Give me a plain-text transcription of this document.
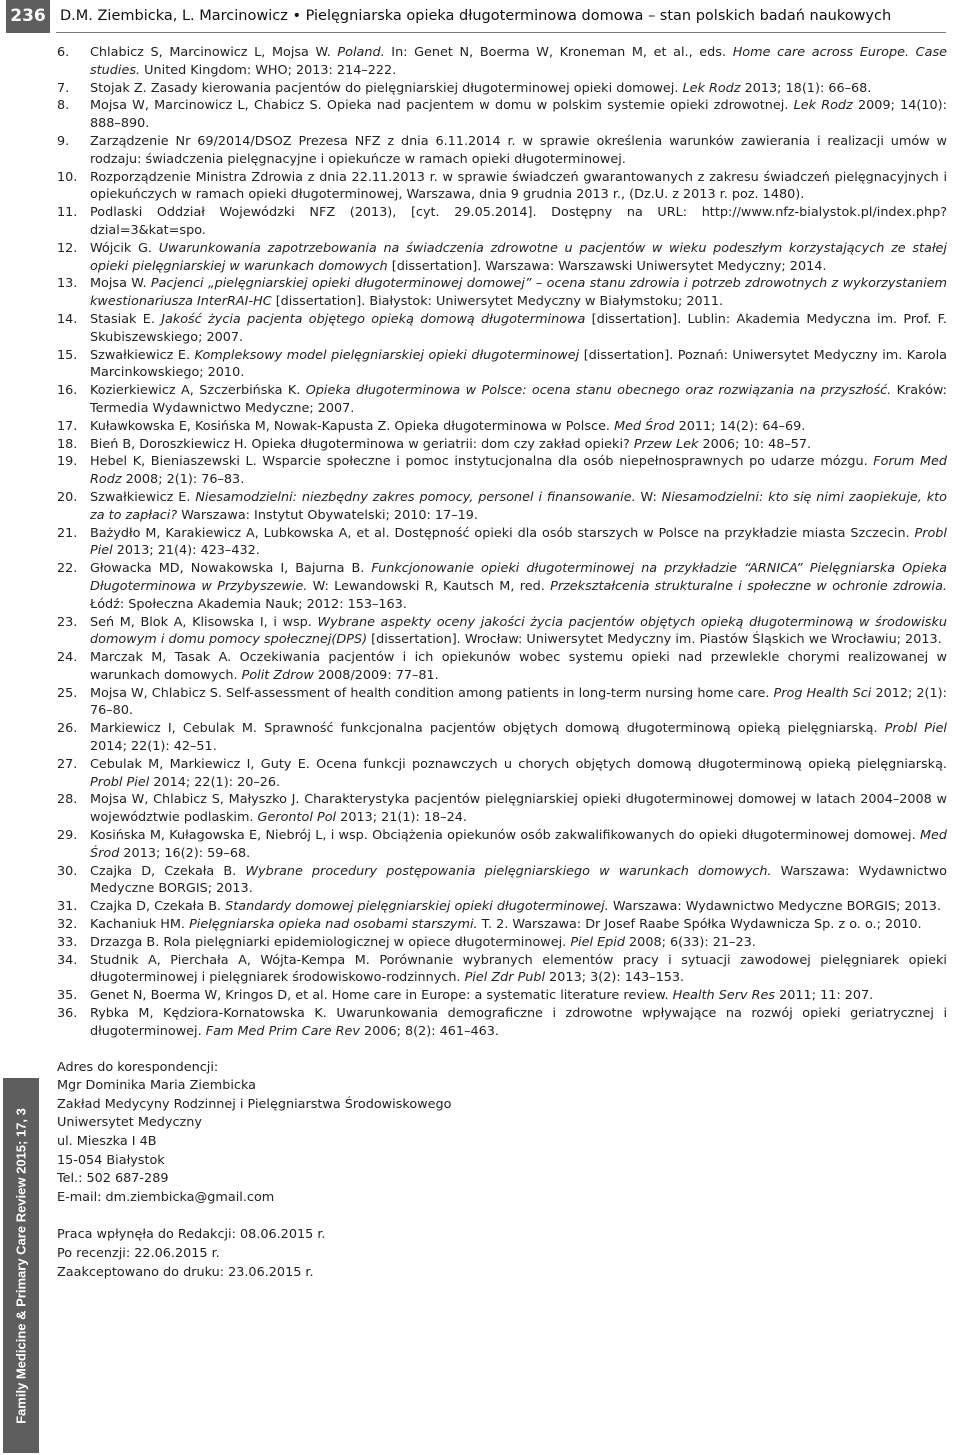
236 D.M. Ziembicka, L. Marcinowicz • Pielęgniarska opieka długoterminowa domowa – stan polskich badań naukowych
Family Medicine & Primary Care Review 2015; 17, 3
6.	Chlabicz S, Marcinowicz L, Mojsa W. Poland. In: Genet N, Boerma W, Kroneman M, et al., eds. Home care across Europe. Case studies. United Kingdom: WHO; 2013: 214–222.
7.	Stojak Z. Zasady kierowania pacjentów do pielęgniarskiej długoterminowej opieki domowej. Lek Rodz 2013; 18(1): 66–68.
8.	Mojsa W, Marcinowicz L, Chabicz S. Opieka nad pacjentem w domu w polskim systemie opieki zdrowotnej. Lek Rodz 2009; 14(10): 888–890.
9.	Zarządzenie Nr 69/2014/DSOZ Prezesa NFZ z dnia 6.11.2014 r. w sprawie określenia warunków zawierania i realizacji umów w rodzaju: świadczenia pielęgnacyjne i opiekuńcze w ramach opieki długoterminowej.
10. Rozporządzenie Ministra Zdrowia z dnia 22.11.2013 r. w sprawie świadczeń gwarantowanych z zakresu świadczeń pielęgnacyjnych i opiekuńczych w ramach opieki długoterminowej, Warszawa, dnia 9 grudnia 2013 r., (Dz.U. z 2013 r. poz. 1480).
11. Podlaski Oddział Wojewódzki NFZ (2013), [cyt. 29.05.2014]. Dostępny na URL: http://www.nfz-bialystok.pl/index.php?dzial=3&kat=spo.
12. Wójcik G. Uwarunkowania zapotrzebowania na świadczenia zdrowotne u pacjentów w wieku podeszłym korzystających ze stałej opieki pielęgniarskiej w warunkach domowych [dissertation]. Warszawa: Warszawski Uniwersytet Medyczny; 2014.
13. Mojsa W. Pacjenci „pielęgniarskiej opieki długoterminowej domowej” – ocena stanu zdrowia i potrzeb zdrowotnych z wykorzystaniem kwestionariusza InterRAI-HC [dissertation]. Białystok: Uniwersytet Medyczny w Białymstoku; 2011.
14. Stasiak E. Jakość życia pacjenta objętego opieką domową długoterminowa [dissertation]. Lublin: Akademia Medyczna im. Prof. F. Skubiszewskiego; 2007.
15. Szwałkiewicz E. Kompleksowy model pielęgniarskiej opieki długoterminowej [dissertation]. Poznań: Uniwersytet Medyczny im. Karola Marcinkowskiego; 2010.
16. Kozierkiewicz A, Szczerbińska K. Opieka długoterminowa w Polsce: ocena stanu obecnego oraz rozwiązania na przyszłość. Kraków: Termedia Wydawnictwo Medyczne; 2007.
17. Kuławkowska E, Kosińska M, Nowak-Kapusta Z. Opieka długoterminowa w Polsce. Med Środ 2011; 14(2): 64–69.
18. Bień B, Doroszkiewicz H. Opieka długoterminowa w geriatrii: dom czy zakład opieki? Przew Lek 2006; 10: 48–57.
19. Hebel K, Bieniaszewski L. Wsparcie społeczne i pomoc instytucjonalna dla osób niepełnosprawnych po udarze mózgu. Forum Med Rodz 2008; 2(1): 76–83.
20. Szwałkiewicz E. Niesamodzielni: niezbędny zakres pomocy, personel i finansowanie. W: Niesamodzielni: kto się nimi zaopiekuje, kto za to zapłaci? Warszawa: Instytut Obywatelski; 2010: 17–19.
21. Bażydło M, Karakiewicz A, Lubkowska A, et al. Dostępność opieki dla osób starszych w Polsce na przykładzie miasta Szczecin. Probl Piel 2013; 21(4): 423–432.
22. Głowacka MD, Nowakowska I, Bajurna B. Funkcjonowanie opieki długoterminowej na przykładzie “ARNICA” Pielęgniarska Opieka Długoterminowa w Przybyszewie. W: Lewandowski R, Kautsch M, red. Przekształcenia strukturalne i społeczne w ochronie zdrowia. Łódź: Społeczna Akademia Nauk; 2012: 153–163.
23. Seń M, Blok A, Klisowska I, i wsp. Wybrane aspekty oceny jakości życia pacjentów objętych opieką długoterminową w środowisku domowym i domu pomocy społecznej(DPS) [dissertation]. Wrocław: Uniwersytet Medyczny im. Piastów Śląskich we Wrocławiu; 2013.
24. Marczak M, Tasak A. Oczekiwania pacjentów i ich opiekunów wobec systemu opieki nad przewlekle chorymi realizowanej w warunkach domowych. Polit Zdrow 2008/2009: 77–81.
25. Mojsa W, Chlabicz S. Self-assessment of health condition among patients in long-term nursing home care. Prog Health Sci 2012; 2(1): 76–80.
26. Markiewicz I, Cebulak M. Sprawność funkcjonalna pacjentów objętych domową długoterminową opieką pielęgniarską. Probl Piel 2014; 22(1): 42–51.
27. Cebulak M, Markiewicz I, Guty E. Ocena funkcji poznawczych u chorych objętych domową długoterminową opieką pielęgniarską. Probl Piel 2014; 22(1): 20–26.
28. Mojsa W, Chlabicz S, Małyszko J. Charakterystyka pacjentów pielęgniarskiej opieki długoterminowej domowej w latach 2004–2008 w województwie podlaskim. Gerontol Pol 2013; 21(1): 18–24.
29. Kosińska M, Kułagowska E, Niebrój L, i wsp. Obciążenia opiekunów osób zakwalifikowanych do opieki długoterminowej domowej. Med Środ 2013; 16(2): 59–68.
30. Czajka D, Czekała B. Wybrane procedury postępowania pielęgniarskiego w warunkach domowych. Warszawa: Wydawnictwo Medyczne BORGIS; 2013.
31. Czajka D, Czekała B. Standardy domowej pielęgniarskiej opieki długoterminowej. Warszawa: Wydawnictwo Medyczne BORGIS; 2013.
32. Kachaniuk HM. Pielęgniarska opieka nad osobami starszymi. T. 2. Warszawa: Dr Josef Raabe Spółka Wydawnicza Sp. z o. o.; 2010.
33. Drzazga B. Rola pielęgniarki epidemiologicznej w opiece długoterminowej. Piel Epid 2008; 6(33): 21–23.
34. Studnik A, Pierchała A, Wójta-Kempa M. Porównanie wybranych elementów pracy i sytuacji zawodowej pielęgniarek opieki długoterminowej i pielęgniarek środowiskowo-rodzinnych. Piel Zdr Publ 2013; 3(2): 143–153.
35. Genet N, Boerma W, Kringos D, et al. Home care in Europe: a systematic literature review. Health Serv Res 2011; 11: 207.
36. Rybka M, Kędziora-Kornatowska K. Uwarunkowania demograficzne i zdrowotne wpływające na rozwój opieki geriatrycznej i długoterminowej. Fam Med Prim Care Rev 2006; 8(2): 461–463.
Adres do korespondencji:
Mgr Dominika Maria Ziembicka
Zakład Medycyny Rodzinnej i Pielęgniarstwa Środowiskowego
Uniwersytet Medyczny
ul. Mieszka I 4B
15-054 Białystok
Tel.: 502 687-289
E-mail: dm.ziembicka@gmail.com
Praca wpłynęła do Redakcji: 08.06.2015 r.
Po recenzji: 22.06.2015 r.
Zaakceptowano do druku: 23.06.2015 r.
